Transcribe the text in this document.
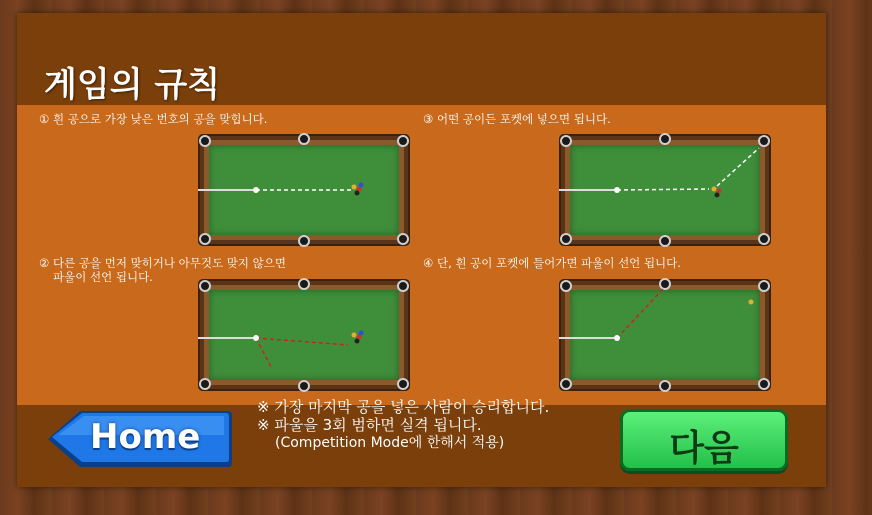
게임의 규칙
① 흰 공으로 가장 낮은 번호의 공을 맞힙니다.	③ 어떤 공이든 포켓에 넣으면 됩니다.
② 다른 공을 먼저 맞히거나 아무것도 맞지 않으면
파울이 선언 됩니다.
④ 단, 흰 공이 포켓에 들어가면 파울이 선언 됩니다.
Home
※ 가장 마지막 공을 넣은 사람이 승리합니다.
※ 파울을 3회 범하면 실격 됩니다.
(Competition Mode에 한해서 적용)	다음
